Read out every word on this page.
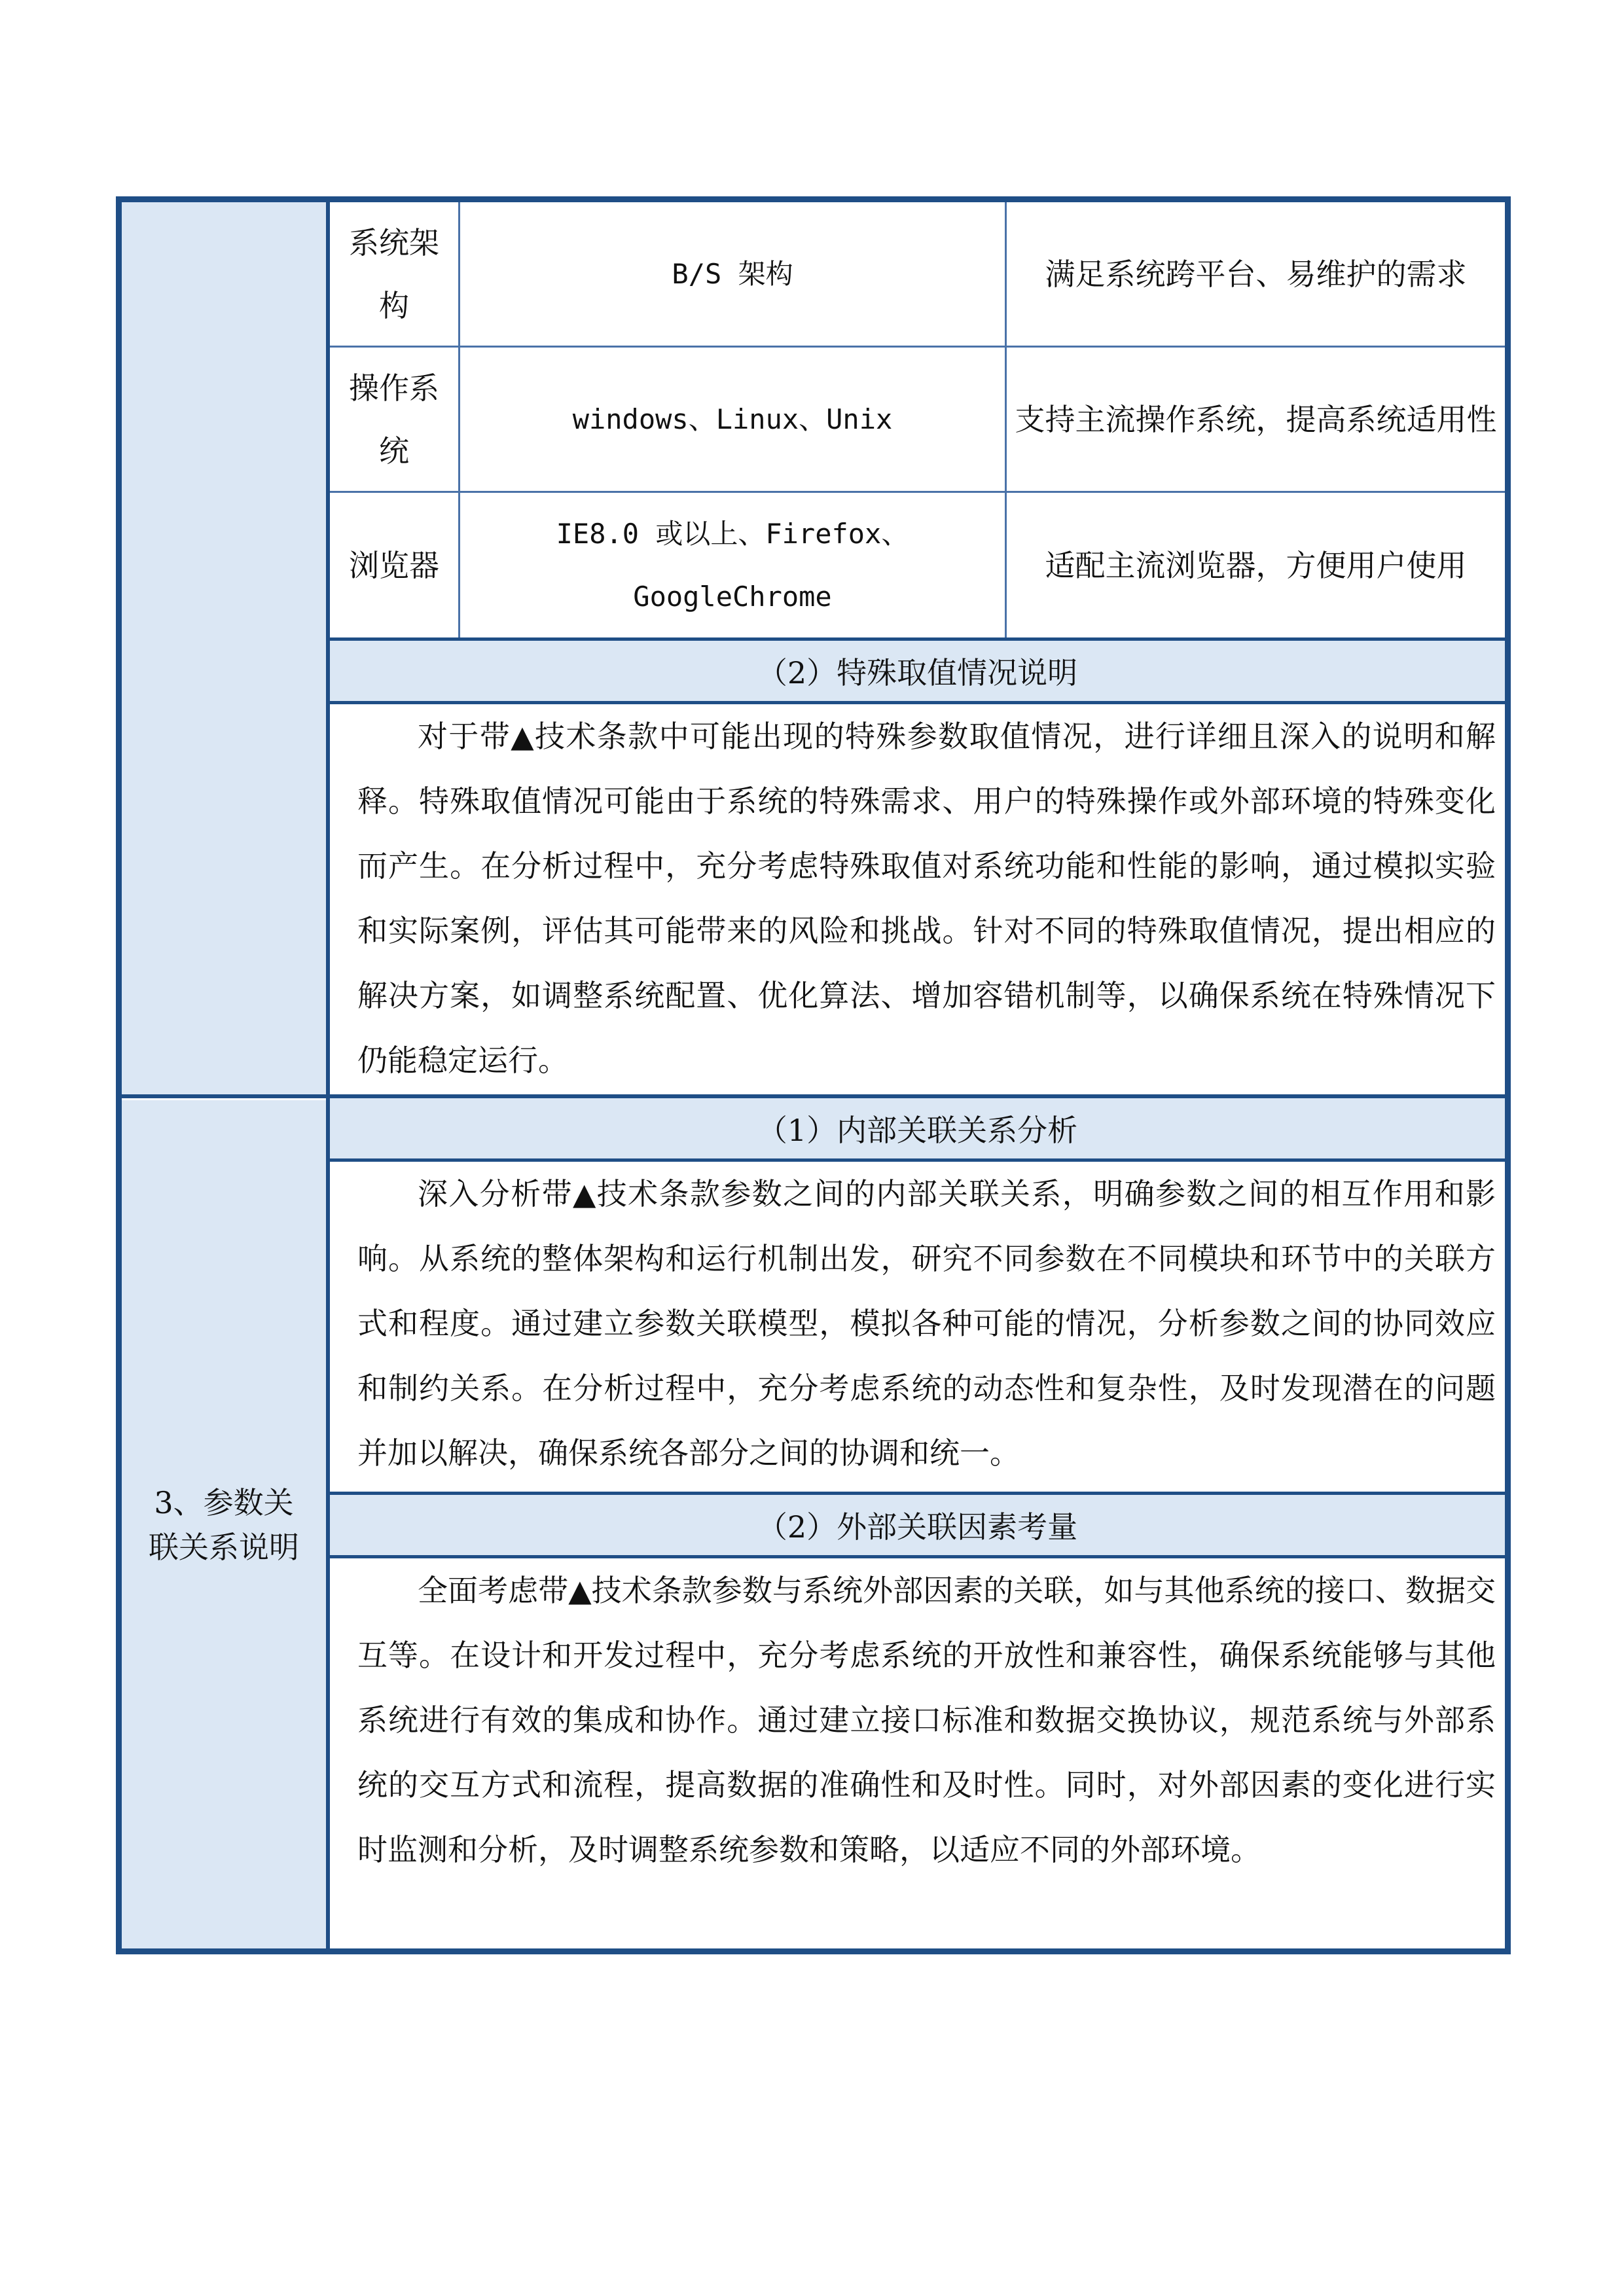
系统架构
B/S 架构	满足系统跨平台、易维护的需求
操作系统
windows、Linux、Unix	支持主流操作系统，提高系统适用性
浏览器
IE8.0 或以上、Firefox、GoogleChrome
适配主流浏览器，方便用户使用
（2）特殊取值情况说明
对于带▲技术条款中可能出现的特殊参数取值情况，进行详细且深入的说明和解释。特殊取值情况可能由于系统的特殊需求、用户的特殊操作或外部环境的特殊变化而产生。在分析过程中，充分考虑特殊取值对系统功能和性能的影响，通过模拟实验和实际案例，评估其可能带来的风险和挑战。针对不同的特殊取值情况，提出相应的解决方案，如调整系统配置、优化算法、增加容错机制等，以确保系统在特殊情况下仍能稳定运行。
3、参数关联关系说明
（1）内部关联关系分析
深入分析带▲技术条款参数之间的内部关联关系，明确参数之间的相互作用和影响。从系统的整体架构和运行机制出发，研究不同参数在不同模块和环节中的关联方式和程度。通过建立参数关联模型，模拟各种可能的情况，分析参数之间的协同效应和制约关系。在分析过程中，充分考虑系统的动态性和复杂性，及时发现潜在的问题并加以解决，确保系统各部分之间的协调和统一。
（2）外部关联因素考量
全面考虑带▲技术条款参数与系统外部因素的关联，如与其他系统的接口、数据交互等。在设计和开发过程中，充分考虑系统的开放性和兼容性，确保系统能够与其他系统进行有效的集成和协作。通过建立接口标准和数据交换协议，规范系统与外部系统的交互方式和流程，提高数据的准确性和及时性。同时，对外部因素的变化进行实时监测和分析，及时调整系统参数和策略，以适应不同的外部环境。
